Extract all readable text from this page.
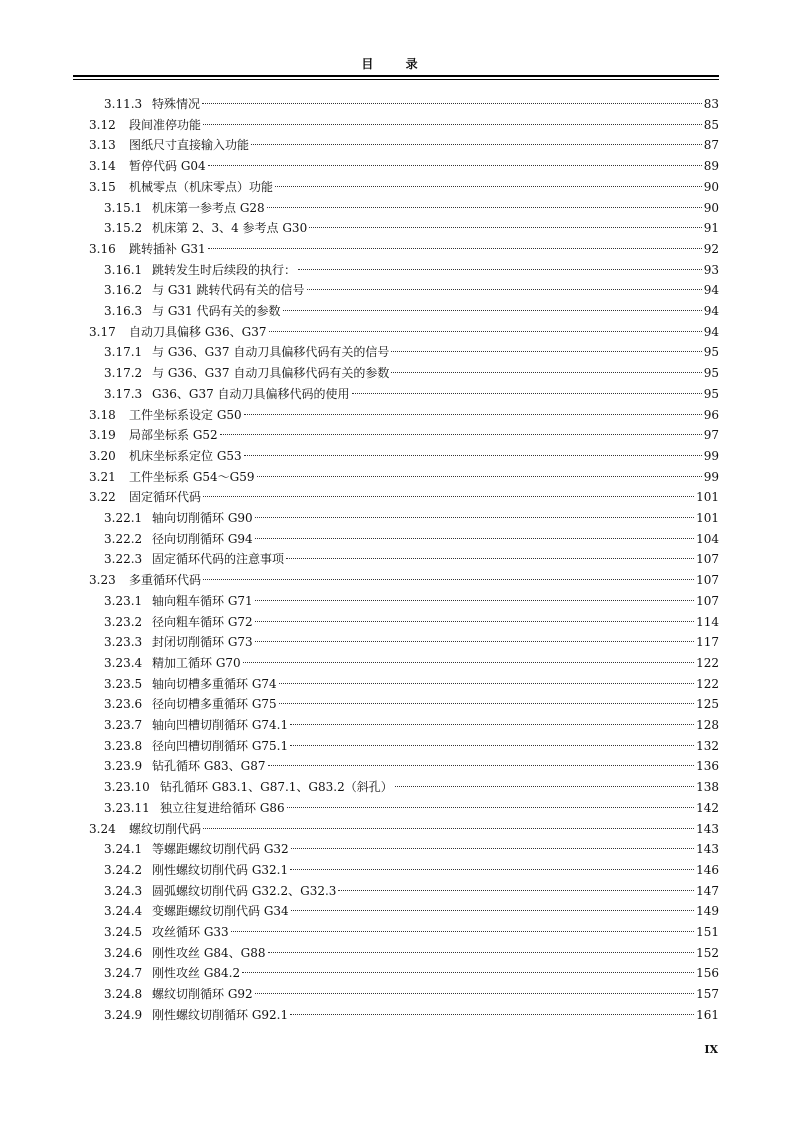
目 录
3.11.3 特殊情况	83
3.12	段间准停功能	85
3.13	图纸尺寸直接输入功能	87
3.14	暂停代码 G04	89
3.15	机械零点（机床零点）功能	90
3.15.1 机床第一参考点 G28	90
3.15.2 机床第 2、3、4 参考点 G30	91
3.16	跳转插补 G31	92
3.16.1 跳转发生时后续段的执行：	93
3.16.2 与 G31 跳转代码有关的信号	94
3.16.3 与 G31 代码有关的参数	94
3.17	自动刀具偏移 G36、G37	94
3.17.1 与 G36、G37 自动刀具偏移代码有关的信号	95
3.17.2 与 G36、G37 自动刀具偏移代码有关的参数	95
3.17.3 G36、G37 自动刀具偏移代码的使用	95
3.18	工件坐标系设定 G50	96
3.19	局部坐标系 G52	97
3.20	机床坐标系定位 G53	99
3.21	工件坐标系 G54～G59	99
3.22	固定循环代码	101
3.22.1 轴向切削循环 G90	101
3.22.2 径向切削循环 G94	104
3.22.3 固定循环代码的注意事项	107
3.23	多重循环代码	107
3.23.1 轴向粗车循环 G71	107
3.23.2 径向粗车循环 G72	114
3.23.3 封闭切削循环 G73	117
3.23.4 精加工循环 G70	122
3.23.5 轴向切槽多重循环 G74	122
3.23.6 径向切槽多重循环 G75	125
3.23.7 轴向凹槽切削循环 G74.1	128
3.23.8 径向凹槽切削循环 G75.1	132
3.23.9 钻孔循环 G83、G87	136
3.23.10 钻孔循环 G83.1、G87.1、G83.2（斜孔）	138
3.23.11 独立往复进给循环 G86	142
3.24	螺纹切削代码	143
3.24.1 等螺距螺纹切削代码 G32	143
3.24.2 刚性螺纹切削代码 G32.1	146
3.24.3 圆弧螺纹切削代码 G32.2、G32.3	147
3.24.4 变螺距螺纹切削代码 G34	149
3.24.5 攻丝循环 G33	151
3.24.6 刚性攻丝 G84、G88	152
3.24.7 刚性攻丝 G84.2	156
3.24.8 螺纹切削循环 G92	157
3.24.9 刚性螺纹切削循环 G92.1	161
IX
